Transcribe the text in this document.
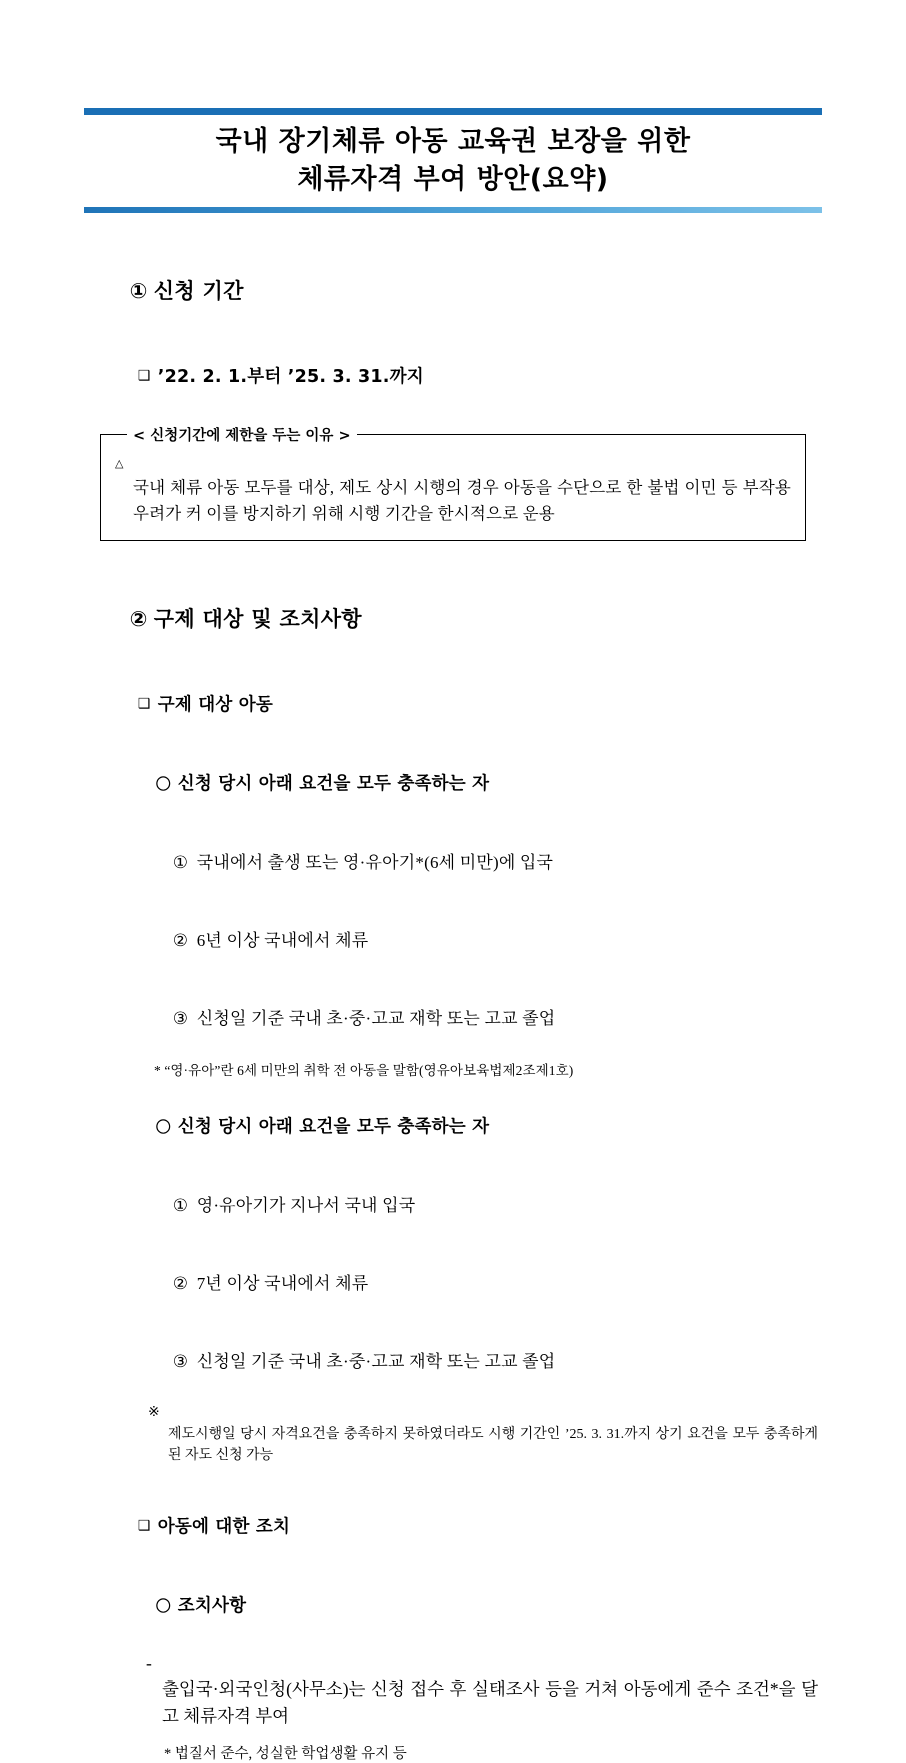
국내 장기체류 아동 교육권 보장을 위한
체류자격 부여 방안(요약)

① 신청 기간

❑ ’22. 2. 1.부터 ’25. 3. 31.까지

< 신청기간에 제한을 두는 이유 >
△
국내 체류 아동 모두를 대상, 제도 상시 시행의 경우 아동을 수단으로 한 불법 이민 등 부작용 우려가 커 이를 방지하기 위해 시행 기간을 한시적으로 운용

② 구제 대상 및 조치사항

❑ 구제 대상 아동

〇 신청 당시 아래 요건을 모두 충족하는 자

① 국내에서 출생 또는 영·유아기*(6세 미만)에 입국

② 6년 이상 국내에서 체류

③ 신청일 기준 국내 초·중·고교 재학 또는 고교 졸업

* “영·유아”란 6세 미만의 취학 전 아동을 말함(영유아보육법제2조제1호)

〇 신청 당시 아래 요건을 모두 충족하는 자

① 영·유아기가 지나서 국내 입국

② 7년 이상 국내에서 체류

③ 신청일 기준 국내 초·중·고교 재학 또는 고교 졸업

※
제도시행일 당시 자격요건을 충족하지 못하였더라도 시행 기간인 ’25. 3. 31.까지 상기 요건을 모두 충족하게 된 자도 신청 가능

❑ 아동에 대한 조치

〇 조치사항

-
출입국·외국인청(사무소)는 신청 접수 후 실태조사 등을 거쳐 아동에게 준수 조건*을 달고 체류자격 부여
* 법질서 준수, 성실한 학업생활 유지 등
